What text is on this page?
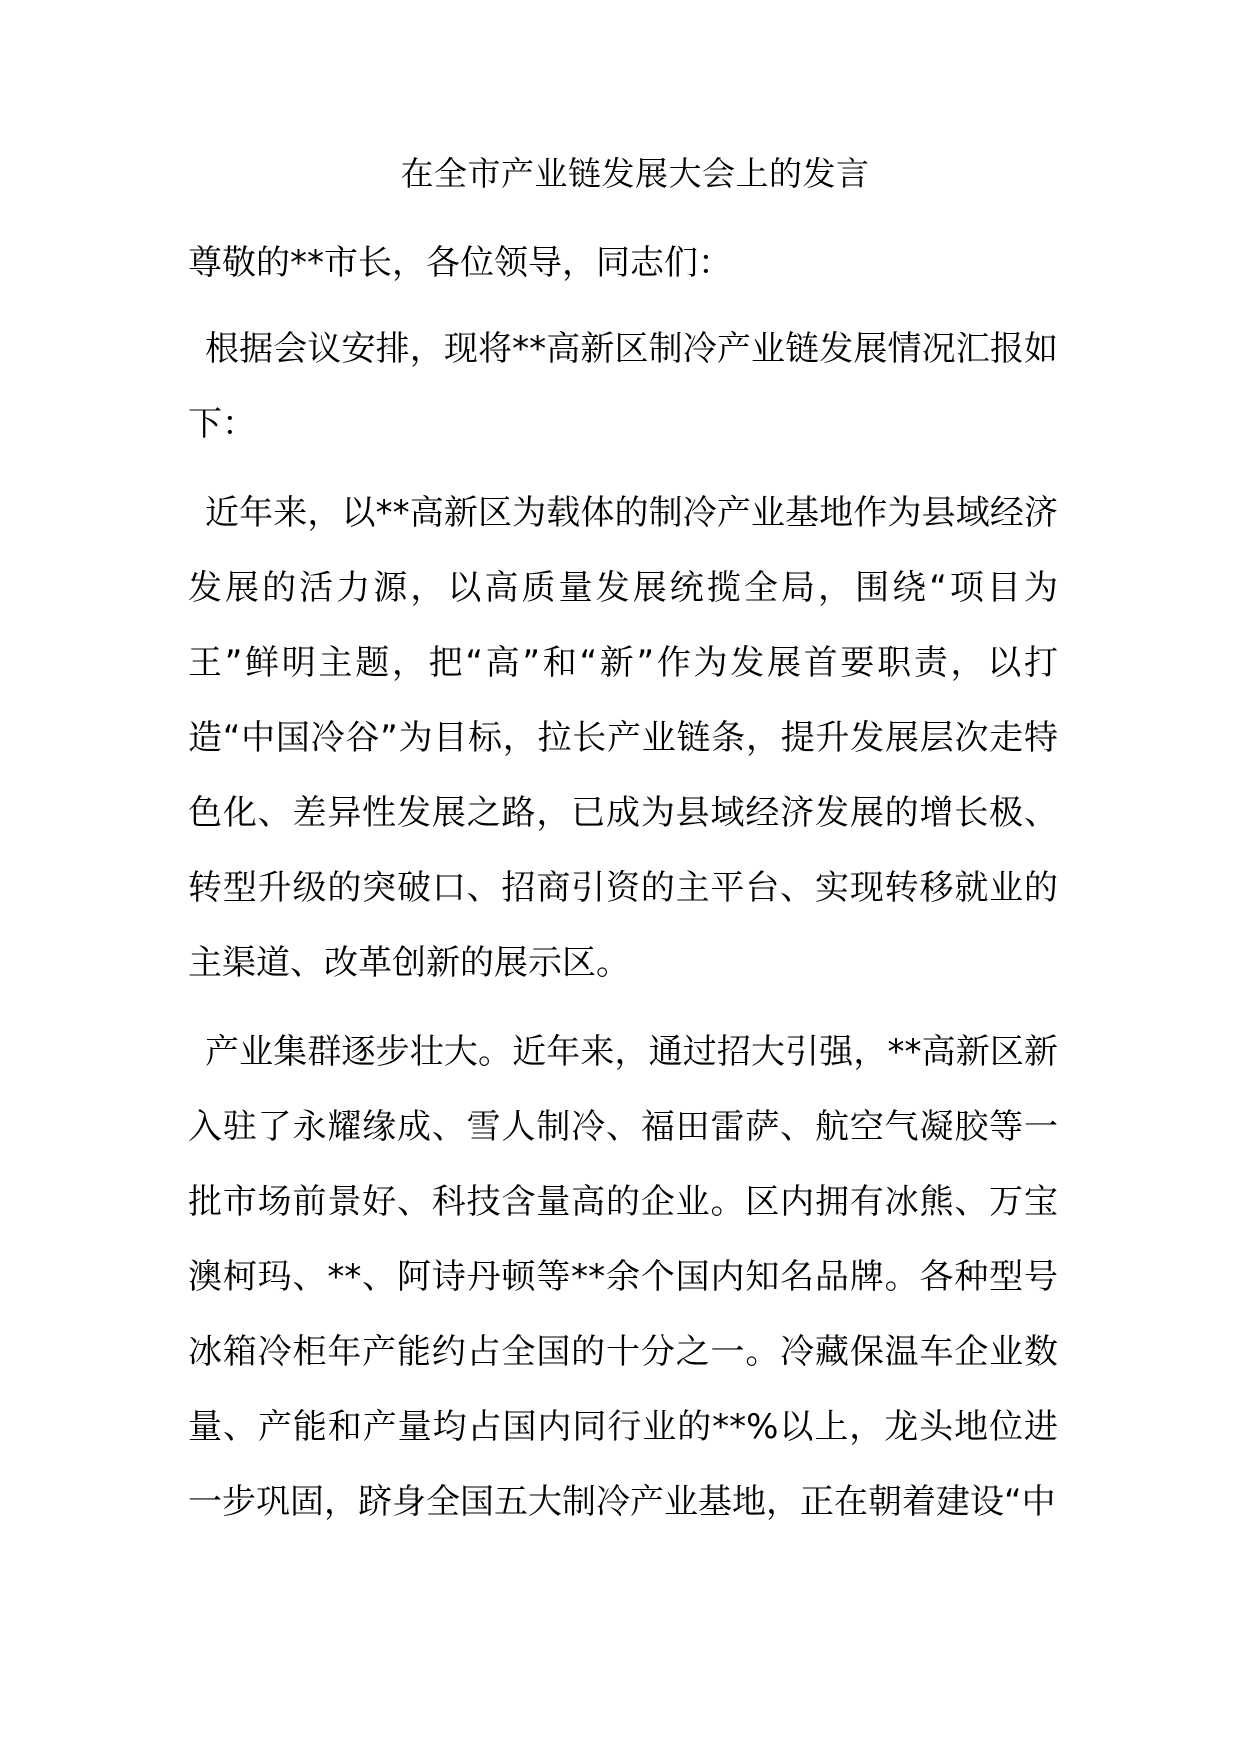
在全市产业链发展大会上的发言

尊敬的**市长，各位领导，同志们：

根据会议安排，现将**高新区制冷产业链发展情况汇报如下：

近年来，以**高新区为载体的制冷产业基地作为县域经济发展的活力源，以高质量发展统揽全局，围绕“项目为王”鲜明主题，把“高”和“新”作为发展首要职责，以打造“中国冷谷”为目标，拉长产业链条，提升发展层次走特色化、差异性发展之路，已成为县域经济发展的增长极、转型升级的突破口、招商引资的主平台、实现转移就业的主渠道、改革创新的展示区。

产业集群逐步壮大。近年来，通过招大引强，**高新区新入驻了永耀缘成、雪人制冷、福田雷萨、航空气凝胶等一批市场前景好、科技含量高的企业。区内拥有冰熊、万宝澳柯玛、**、阿诗丹顿等**余个国内知名品牌。各种型号冰箱冷柜年产能约占全国的十分之一。冷藏保温车企业数量、产能和产量均占国内同行业的**%以上，龙头地位进一步巩固，跻身全国五大制冷产业基地，正在朝着建设“中
